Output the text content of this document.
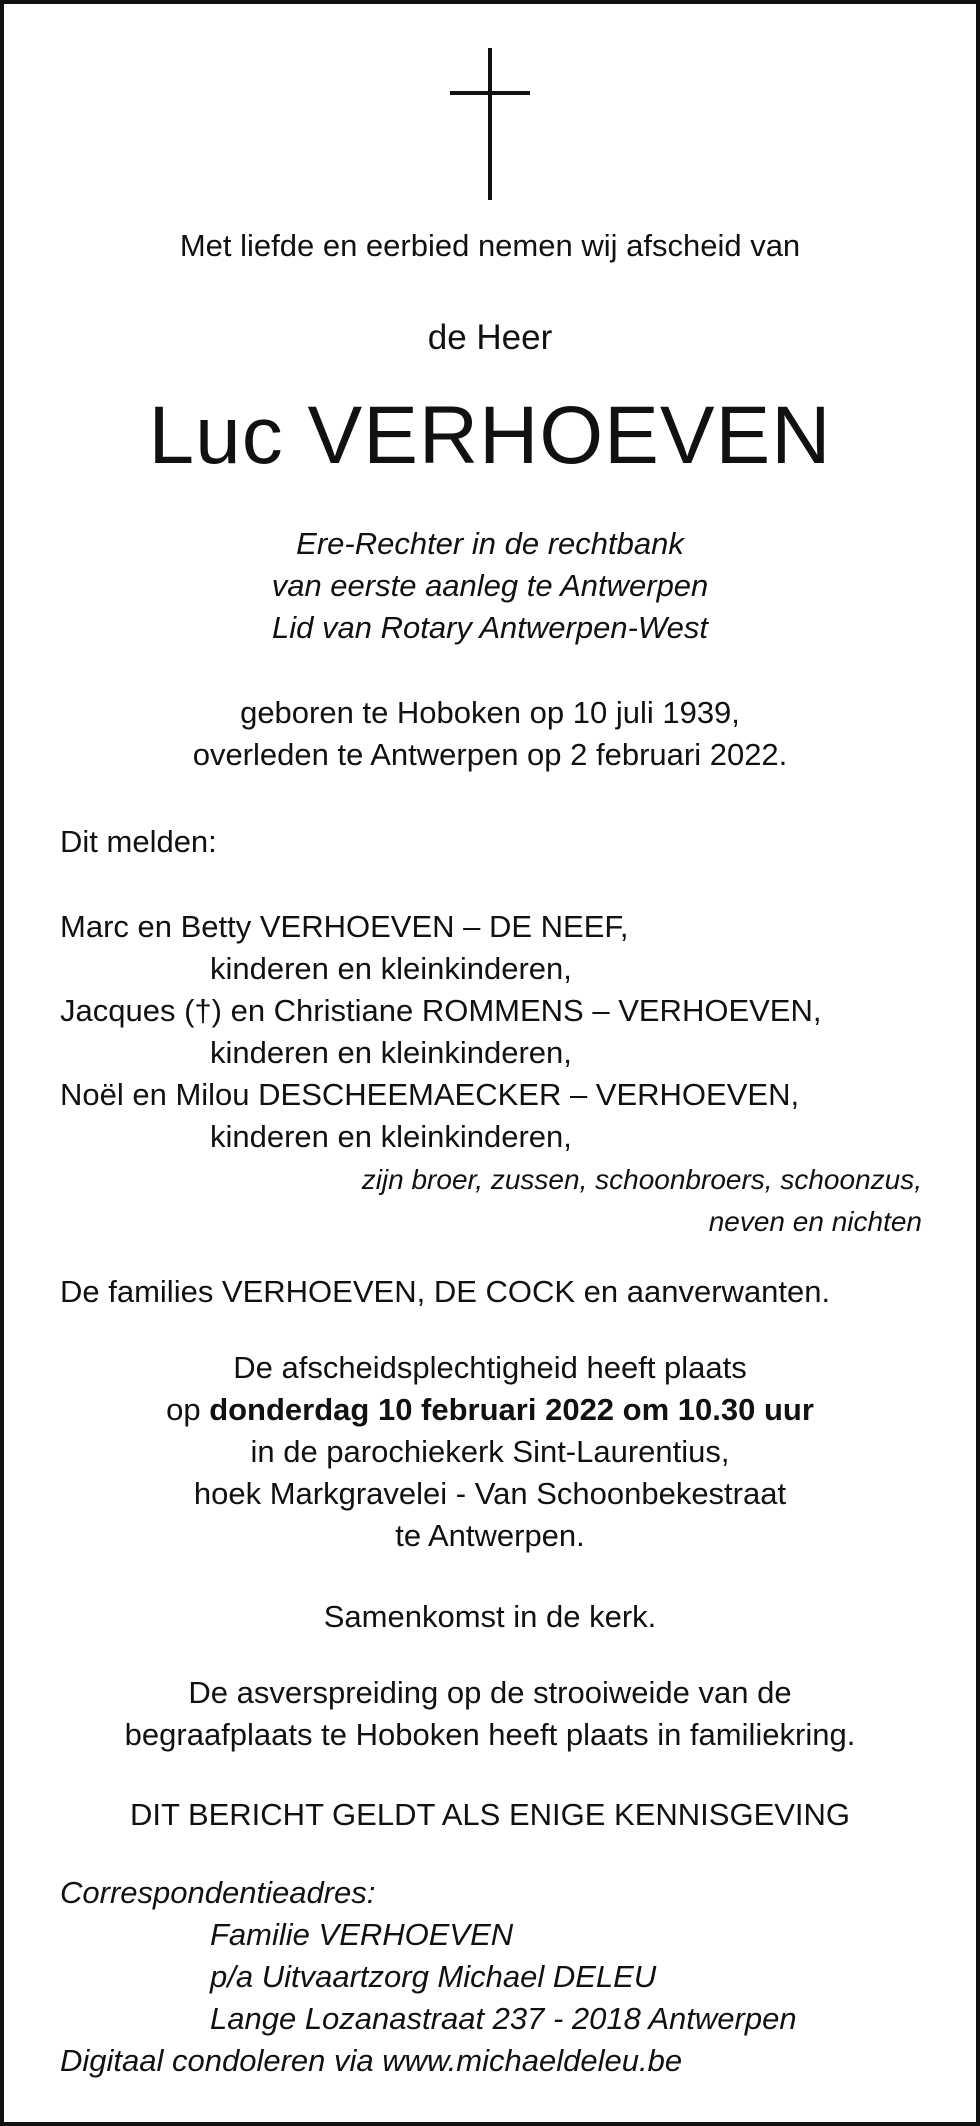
Met liefde en eerbied nemen wij afscheid van
de Heer
Luc VERHOEVEN
Ere-Rechter in de rechtbank
van eerste aanleg te Antwerpen
Lid van Rotary Antwerpen-West
geboren te Hoboken op 10 juli 1939,
overleden te Antwerpen op 2 februari 2022.
Dit melden:
Marc en Betty VERHOEVEN – DE NEEF,
kinderen en kleinkinderen,
Jacques (†) en Christiane ROMMENS – VERHOEVEN,
kinderen en kleinkinderen,
Noël en Milou DESCHEEMAECKER – VERHOEVEN,
kinderen en kleinkinderen,
zijn broer, zussen, schoonbroers, schoonzus,
neven en nichten
De families VERHOEVEN, DE COCK en aanverwanten.
De afscheidsplechtigheid heeft plaats
op donderdag 10 februari 2022 om 10.30 uur
in de parochiekerk Sint-Laurentius,
hoek Markgravelei - Van Schoonbekestraat
te Antwerpen.
Samenkomst in de kerk.
De asverspreiding op de strooiweide van de
begraafplaats te Hoboken heeft plaats in familiekring.
DIT BERICHT GELDT ALS ENIGE KENNISGEVING
Correspondentieadres:
Familie VERHOEVEN
p/a Uitvaartzorg Michael DELEU
Lange Lozanastraat 237 - 2018 Antwerpen
Digitaal condoleren via www.michaeldeleu.be
